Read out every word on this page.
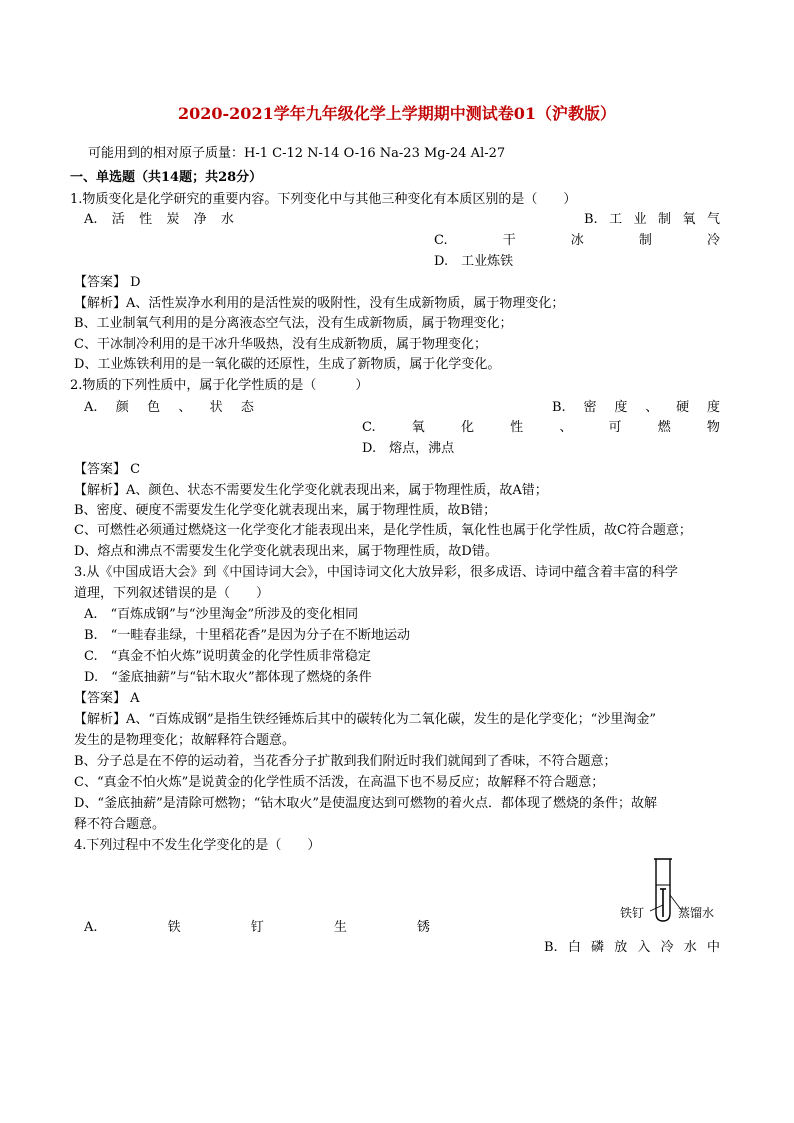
2020-2021学年九年级化学上学期期中测试卷01（沪教版）
可能用到的相对原子质量：H-1 C-12 N-14 O-16 Na-23 Mg-24 Al-27
一、单选题（共14题；共28分）
1.物质变化是化学研究的重要内容。下列变化中与其他三种变化有本质区别的是（　　）
A. 活 性 炭 净 水	B. 工 业 制 氧 气
C.	干	冰	制	冷
D.　工业炼铁
【答案】 D
【解析】A、活性炭净水利用的是活性炭的吸附性，没有生成新物质，属于物理变化；
B、工业制氧气利用的是分离液态空气法，没有生成新物质，属于物理变化；
C、干冰制冷利用的是干冰升华吸热，没有生成新物质，属于物理变化；
D、工业炼铁利用的是一氧化碳的还原性，生成了新物质，属于化学变化。
2.物质的下列性质中，属于化学性质的是（　　　）
A. 颜 色 、 状 态	B. 密 度 、 硬 度
C.	氧	化	性	、	可	燃	物
D.　熔点，沸点
【答案】 C
【解析】A、颜色、状态不需要发生化学变化就表现出来，属于物理性质，故A错；
B、密度、硬度不需要发生化学变化就表现出来，属于物理性质，故B错；
C、可燃性必须通过燃烧这一化学变化才能表现出来，是化学性质，氧化性也属于化学性质，故C符合题意；
D、熔点和沸点不需要发生化学变化就表现出来，属于物理性质，故D错。
3.从《中国成语大会》到《中国诗词大会》，中国诗词文化大放异彩，很多成语、诗词中蕴含着丰富的科学
道理，下列叙述错误的是（　　）
A.　“百炼成钢”与“沙里淘金”所涉及的变化相同
B.　“一畦春韭绿，十里稻花香”是因为分子在不断地运动
C.　“真金不怕火炼”说明黄金的化学性质非常稳定
D.　“釜底抽薪”与“钻木取火”都体现了燃烧的条件
【答案】 A
【解析】A、“百炼成钢”是指生铁经锤炼后其中的碳转化为二氧化碳，发生的是化学变化；“沙里淘金”
发生的是物理变化；故解释符合题意。
B、分子总是在不停的运动着，当花香分子扩散到我们附近时我们就闻到了香味，不符合题意；
C、“真金不怕火炼”是说黄金的化学性质不活泼，在高温下也不易反应；故解释不符合题意；
D、“釜底抽薪”是清除可燃物；“钻木取火”是使温度达到可燃物的着火点．都体现了燃烧的条件；故解
释不符合题意。
4.下列过程中不发生化学变化的是（　　）
铁钉	蒸馏水
A.	铁	钉	生	锈
B. 白 磷 放 入 冷 水 中
